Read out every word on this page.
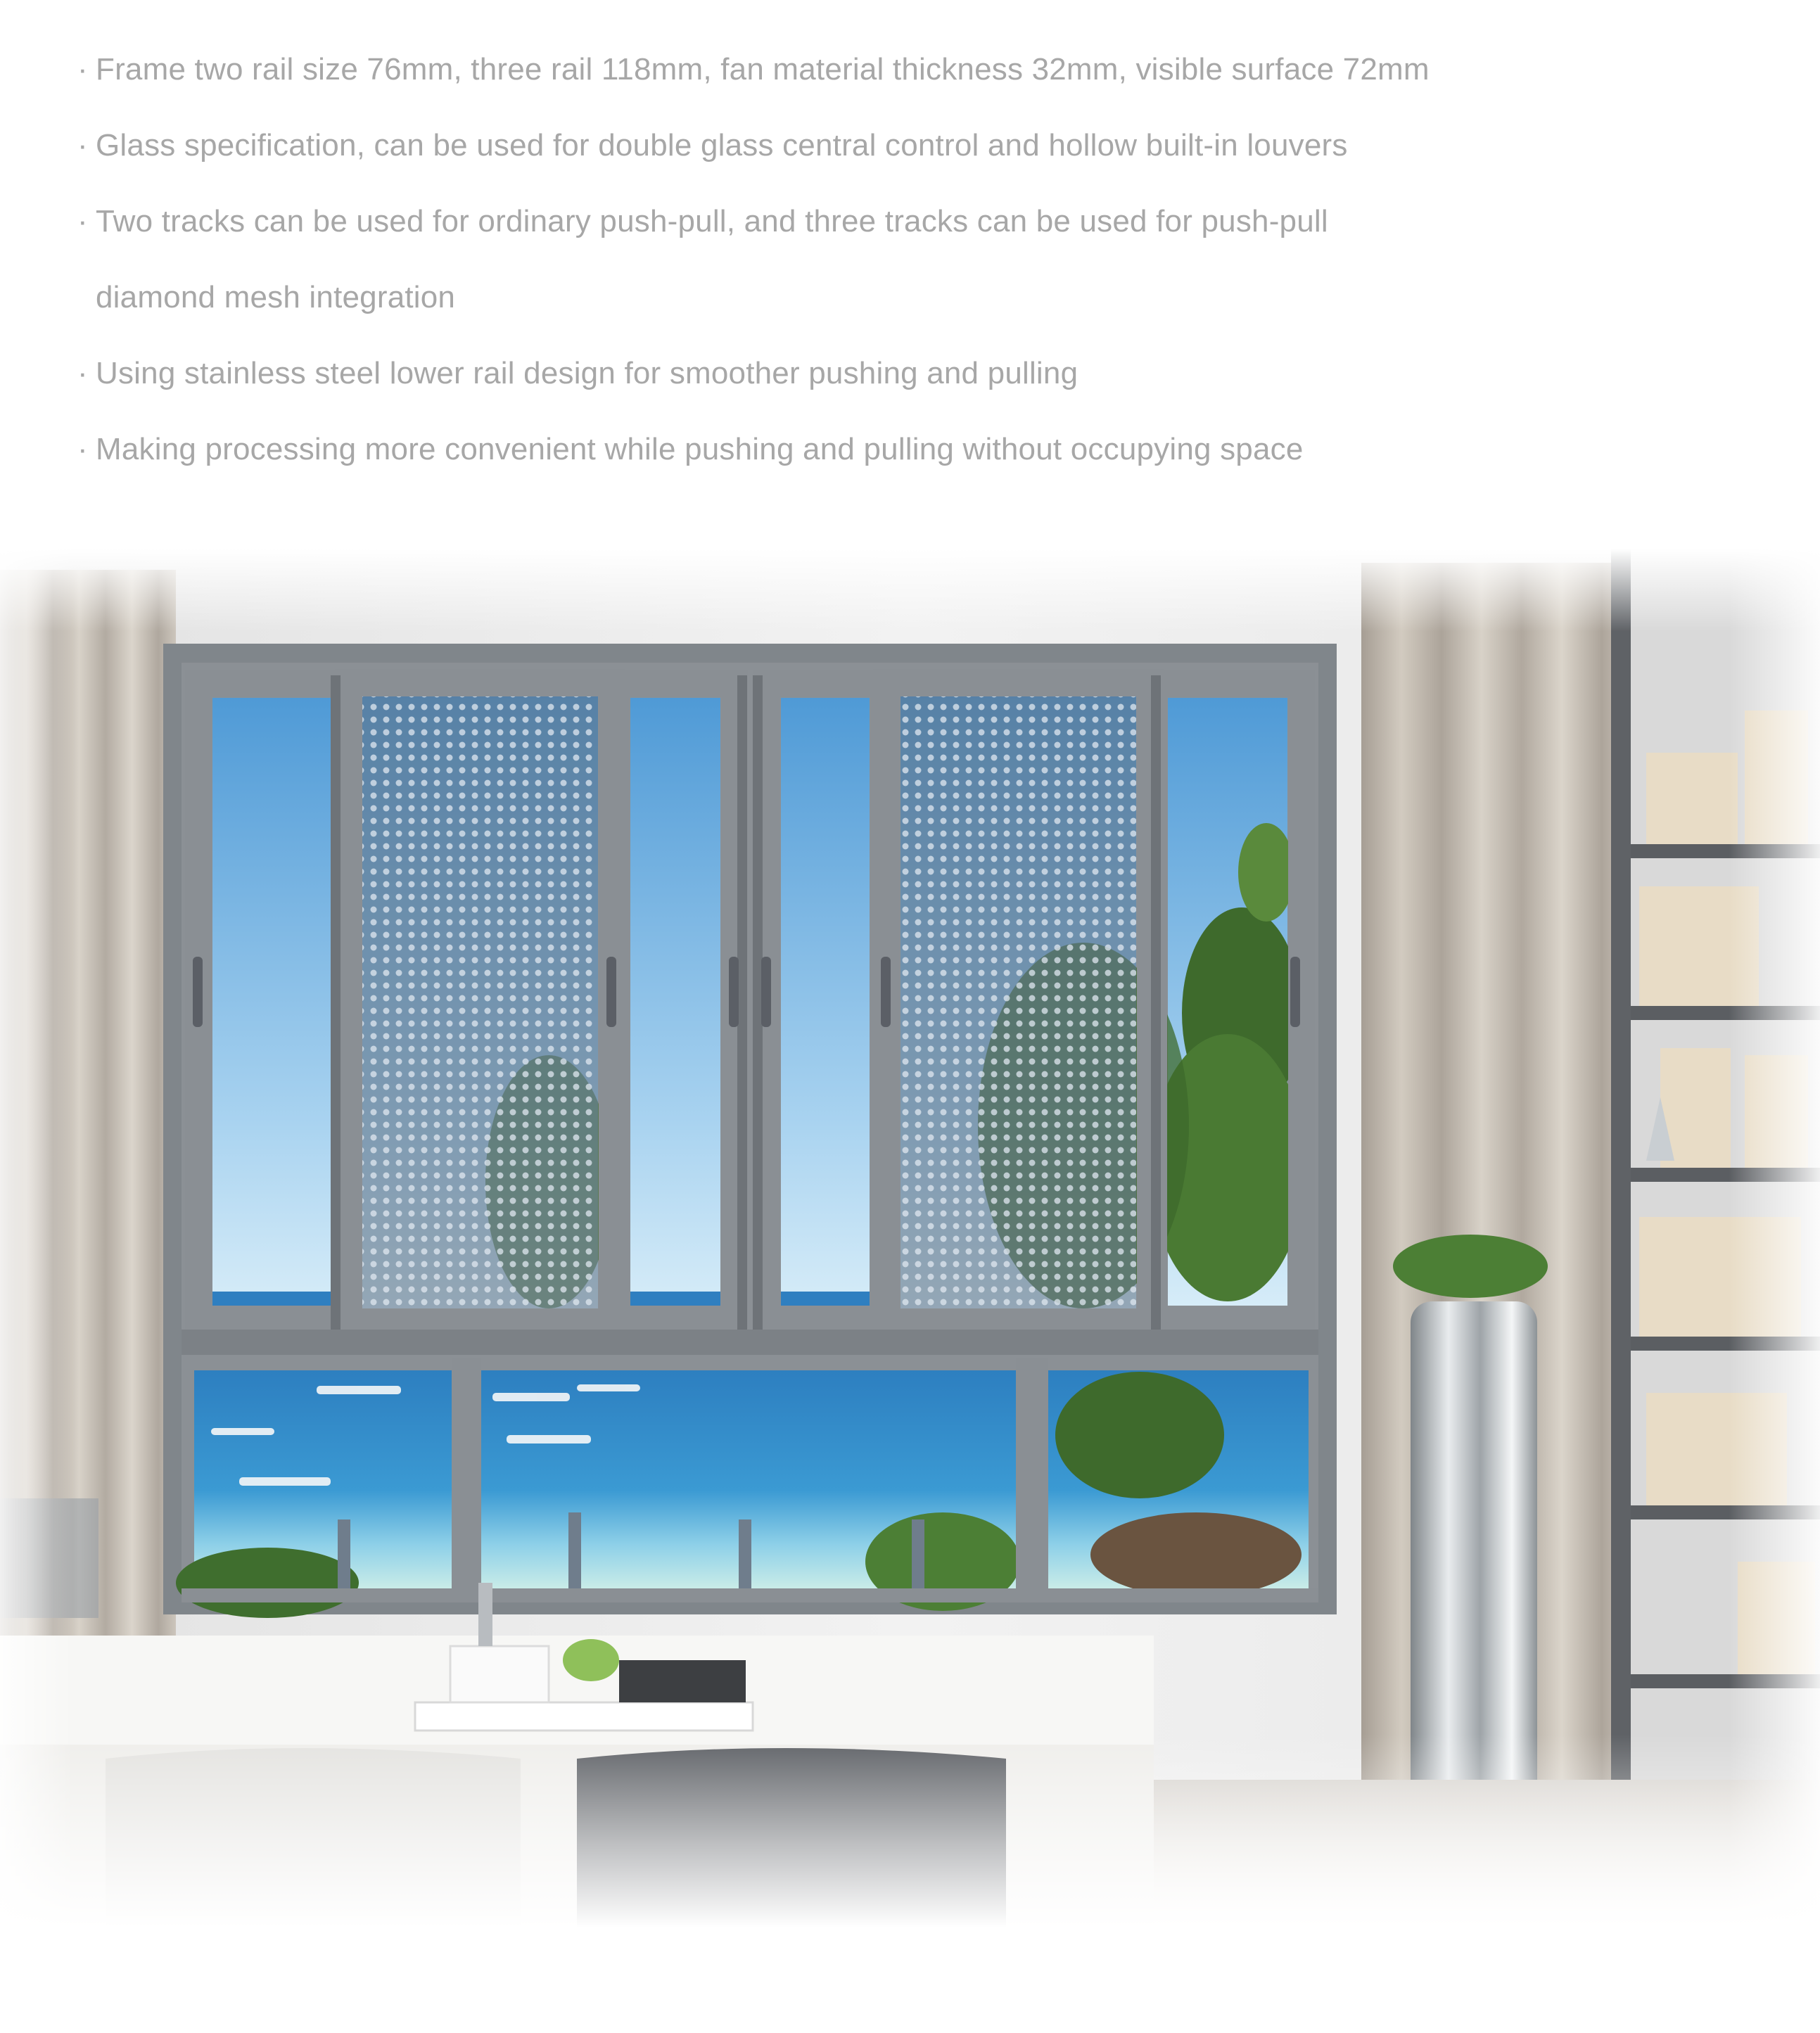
· Frame two rail size 76mm, three rail 118mm, fan material thickness 32mm, visible surface 72mm
· Glass specification, can be used for double glass central control and hollow built-in louvers
· Two tracks can be used for ordinary push-pull, and three tracks can be used for push-pull diamond mesh integration
· Using stainless steel lower rail design for smoother pushing and pulling
· Making processing more convenient while pushing and pulling without occupying space
